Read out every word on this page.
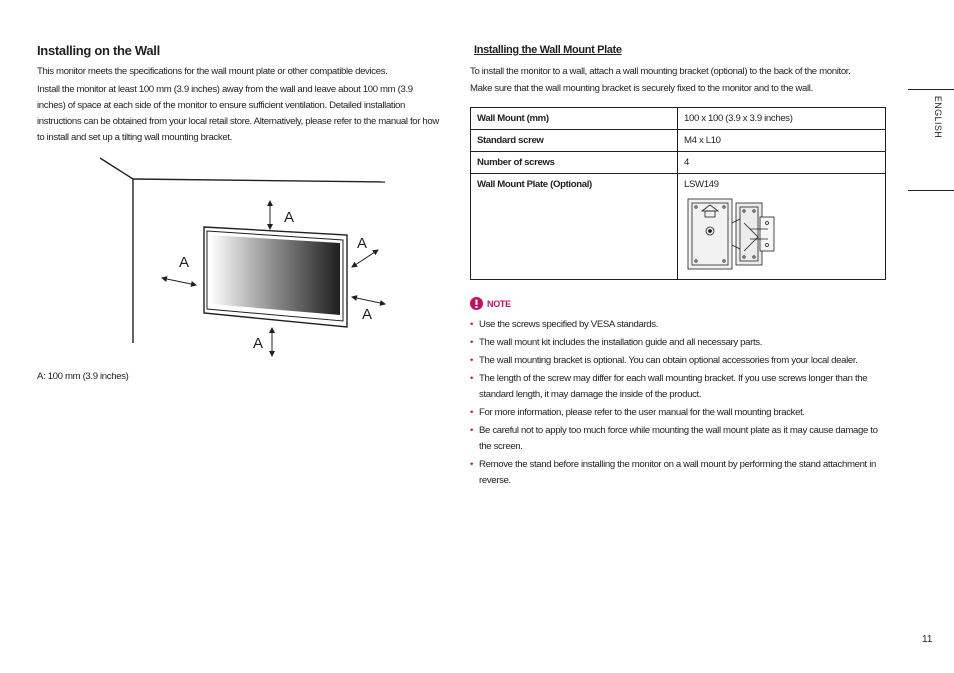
Installing on the Wall
This monitor meets the specifications for the wall mount plate or other compatible devices.
Install the monitor at least 100 mm (3.9 inches) away from the wall and leave about 100 mm (3.9 inches) of space at each side of the monitor to ensure sufficient ventilation. Detailed installation instructions can be obtained from your local retail store. Alternatively, please refer to the manual for how to install and set up a tilting wall mounting bracket.
A
A
A
A
A
A: 100 mm (3.9 inches)
Installing the Wall Mount Plate
To install the monitor to a wall, attach a wall mounting bracket (optional) to the back of the monitor.
Make sure that the wall mounting bracket is securely fixed to the monitor and to the wall.
Wall Mount (mm)	100 x 100 (3.9 x 3.9 inches)
Standard screw	M4 x L10
Number of screws	4
Wall Mount Plate (Optional)	LSW149
NOTE
• Use the screws specified by VESA standards.
• The wall mount kit includes the installation guide and all necessary parts.
• The wall mounting bracket is optional. You can obtain optional accessories from your local dealer.
• The length of the screw may differ for each wall mounting bracket. If you use screws longer than the standard length, it may damage the inside of the product.
• For more information, please refer to the user manual for the wall mounting bracket.
• Be careful not to apply too much force while mounting the wall mount plate as it may cause damage to the screen.
• Remove the stand before installing the monitor on a wall mount by performing the stand attachment in reverse.
ENGLISH
11
